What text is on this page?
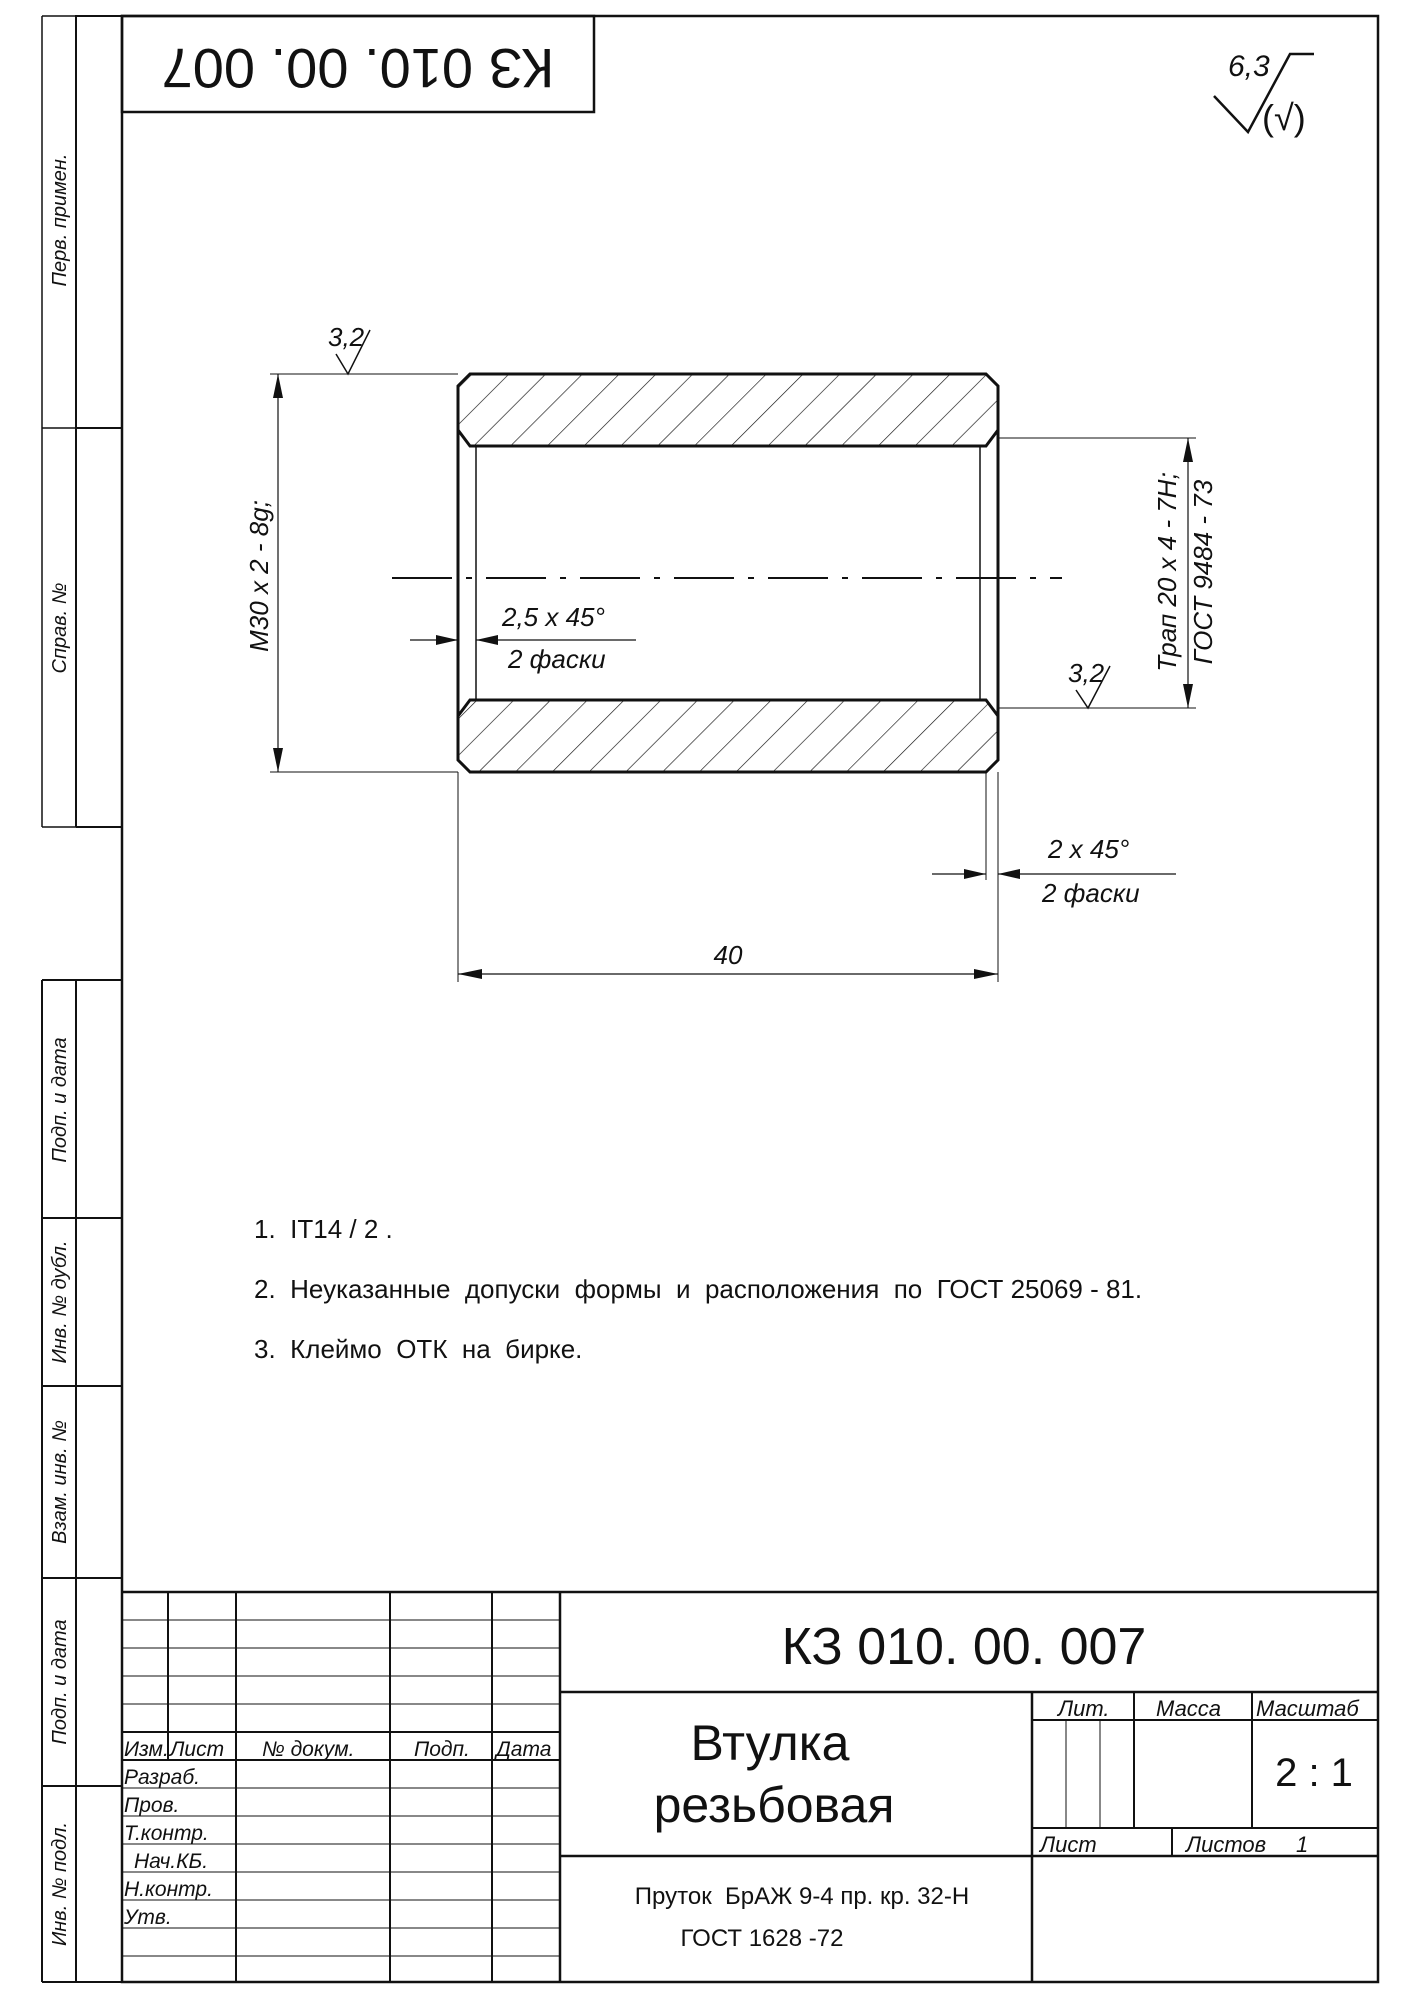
Перв. примен.
Справ. №
Подп. и дата
Инв. № дубл.
Взам. инв. №
Подп. и дата
Инв. № подл.
КЗ 010. 00. 007	6,3
(√)
3,2
М30 х 2 - 8g;	2,5 х 45°
2 фаски	Трап 20 х 4 - 7Н; ГОСТ 9484 - 73
3,2
2 х 45°
2 фаски
40
1.  IT14 / 2 .
2.  Неуказанные  допуски  формы  и  расположения  по  ГОСТ 25069 - 81.
3.  Клеймо  ОТК  на  бирке.
КЗ 010. 00. 007
Втулка
резьбовая
Пруток  БрАЖ 9-4 пр. кр. 32-Н
ГОСТ 1628 -72
Лит. Масса Масштаб
Лист	Листов 1
2 : 1
Изм. Лист № докум.	Подп. Дата
Разраб.
Пров.
Т.контр.
Нач.КБ.
Н.контр.
Утв.
